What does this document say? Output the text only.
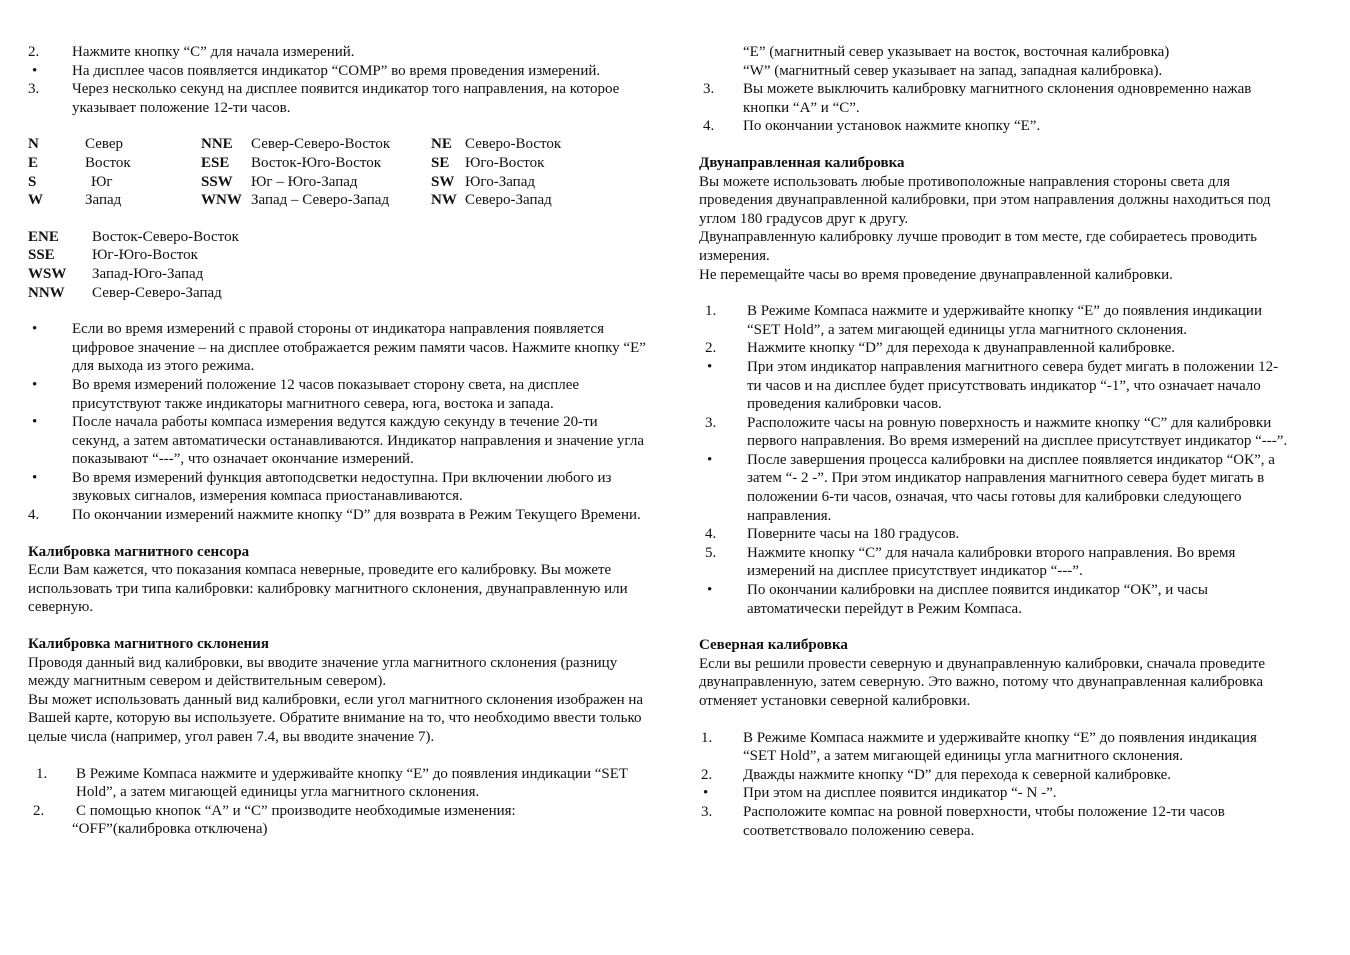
2.	Нажмите кнопку “С” для начала измерений.
•	На дисплее часов появляется индикатор “COMP” во время проведения измерений.
3.	Через несколько секунд на дисплее появится индикатор того направления, на которое указывает положение 12-ти часов.
N	Север	NNE	Север-Северо-Восток	NE	Северо-Восток
E	Восток	ESE	Восток-Юго-Восток	SE	Юго-Восток
S	Юг	SSW	Юг – Юго-Запад	SW	Юго-Запад
W	Запад	WNW	Запад – Северо-Запад	NW	Северо-Запад
ENE	Восток-Северо-Восток
SSE	Юг-Юго-Восток
WSW	Запад-Юго-Запад
NNW	Север-Северо-Запад
•	Если во время измерений с правой стороны от индикатора направления появляется цифровое значение – на дисплее отображается режим памяти часов. Нажмите кнопку “Е” для выхода из этого режима.
•	Во время измерений положение 12 часов показывает сторону света, на дисплее присутствуют также индикаторы магнитного севера, юга, востока и запада.
•	После начала работы компаса измерения ведутся каждую секунду в течение 20-ти секунд, а затем автоматически останавливаются. Индикатор направления и значение угла показывают “---”, что означает окончание измерений.
•	Во время измерений функция автоподсветки недоступна. При включении любого из звуковых сигналов, измерения компаса приостанавливаются.
4.	По окончании измерений нажмите кнопку “D” для возврата в Режим Текущего Времени.
Калибровка магнитного сенсора

Если Вам кажется, что показания компаса неверные, проведите его калибровку. Вы можете использовать три типа калибровки: калибровку магнитного склонения, двунаправленную или северную.

Калибровка магнитного склонения

Проводя данный вид калибровки, вы вводите значение угла магнитного склонения (разницу между магнитным севером и действительным севером).

Вы может использовать данный вид калибровки, если угол магнитного склонения изображен на Вашей карте, которую вы используете. Обратите внимание на то, что необходимо ввести только целые числа (например, угол равен 7.4, вы вводите значение 7).

1.	В Режиме Компаса нажмите и удерживайте кнопку “Е” до появления индикации “SET Hold”, а затем мигающей единицы угла магнитного склонения.
2.	С помощью кнопок “А” и “С” производите необходимые изменения:

“OFF”(калибровка отключена)

“Е” (магнитный север указывает на восток, восточная калибровка)

“W” (магнитный север указывает на запад, западная калибровка).

3.	Вы можете выключить калибровку магнитного склонения одновременно нажав кнопки “А” и “С”.
4.	По окончании установок нажмите кнопку “Е”.
Двунаправленная калибровка

Вы можете использовать любые противоположные направления стороны света для проведения двунаправленной калибровки, при этом направления должны находиться под углом 180 градусов друг к другу.

Двунаправленную калибровку лучше проводит в том месте, где собираетесь проводить измерения.

Не перемещайте часы во время проведение двунаправленной калибровки.

1.	В Режиме Компаса нажмите и удерживайте кнопку “Е” до появления индикации “SET Hold”, а затем мигающей единицы угла магнитного склонения.
2.	Нажмите кнопку “D” для перехода к двунаправленной калибровке.
•	При этом индикатор направления магнитного севера будет мигать в положении 12-ти часов и на дисплее будет присутствовать индикатор “-1”, что означает начало проведения калибровки часов.
3.	Расположите часы на ровную поверхность и нажмите кнопку “С” для калибровки первого направления. Во время измерений на дисплее присутствует индикатор “---”.
•	После завершения процесса калибровки на дисплее появляется индикатор “ОК”, а затем “- 2 -”. При этом индикатор направления магнитного севера будет мигать в положении 6-ти часов, означая, что часы готовы для калибровки следующего направления.
4.	Поверните часы на 180 градусов.
5.	Нажмите кнопку “С” для начала калибровки второго направления. Во время измерений на дисплее присутствует индикатор “---”.
•	По окончании калибровки на дисплее появится индикатор “ОК”, и часы автоматически перейдут в Режим Компаса.
Северная калибровка

Если вы решили провести северную и двунаправленную калибровки, сначала проведите двунаправленную, затем северную. Это важно, потому что двунаправленная калибровка отменяет установки северной калибровки.

1.	В Режиме Компаса нажмите и удерживайте кнопку “Е” до появления индикация “SET Hold”, а затем мигающей единицы угла магнитного склонения.
2.	Дважды нажмите кнопку “D” для перехода к северной калибровке.
•	При этом на дисплее появится индикатор “- N -”.
3.	Расположите компас на ровной поверхности, чтобы положение 12-ти часов соответствовало положению севера.
